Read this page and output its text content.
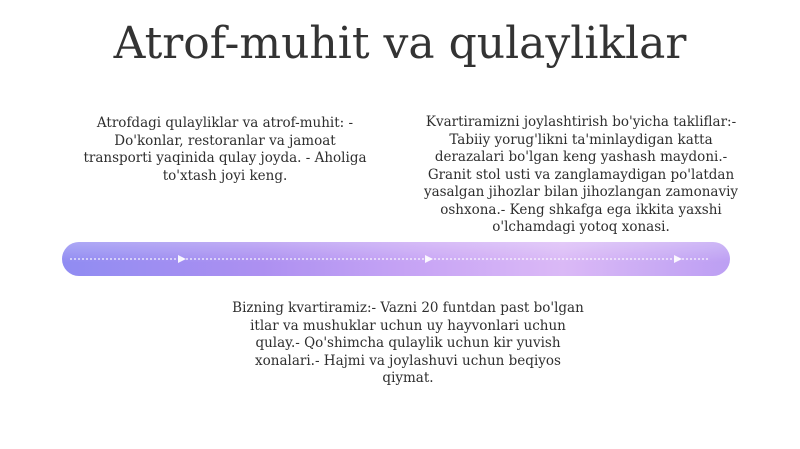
Atrof-muhit va qulayliklar
Atrofdagi qulayliklar va atrof-muhit: - Do'konlar, restoranlar va jamoat transporti yaqinida qulay joyda. - Aholiga to'xtash joyi keng.
Kvartiramizni joylashtirish bo'yicha takliflar:- Tabiiy yorug'likni ta'minlaydigan katta derazalari bo'lgan keng yashash maydoni.- Granit stol usti va zanglamaydigan po'latdan yasalgan jihozlar bilan jihozlangan zamonaviy oshxona.- Keng shkafga ega ikkita yaxshi o'lchamdagi yotoq xonasi.
Bizning kvartiramiz:- Vazni 20 funtdan past bo'lgan itlar va mushuklar uchun uy hayvonlari uchun qulay.- Qo'shimcha qulaylik uchun kir yuvish xonalari.- Hajmi va joylashuvi uchun beqiyos qiymat.
